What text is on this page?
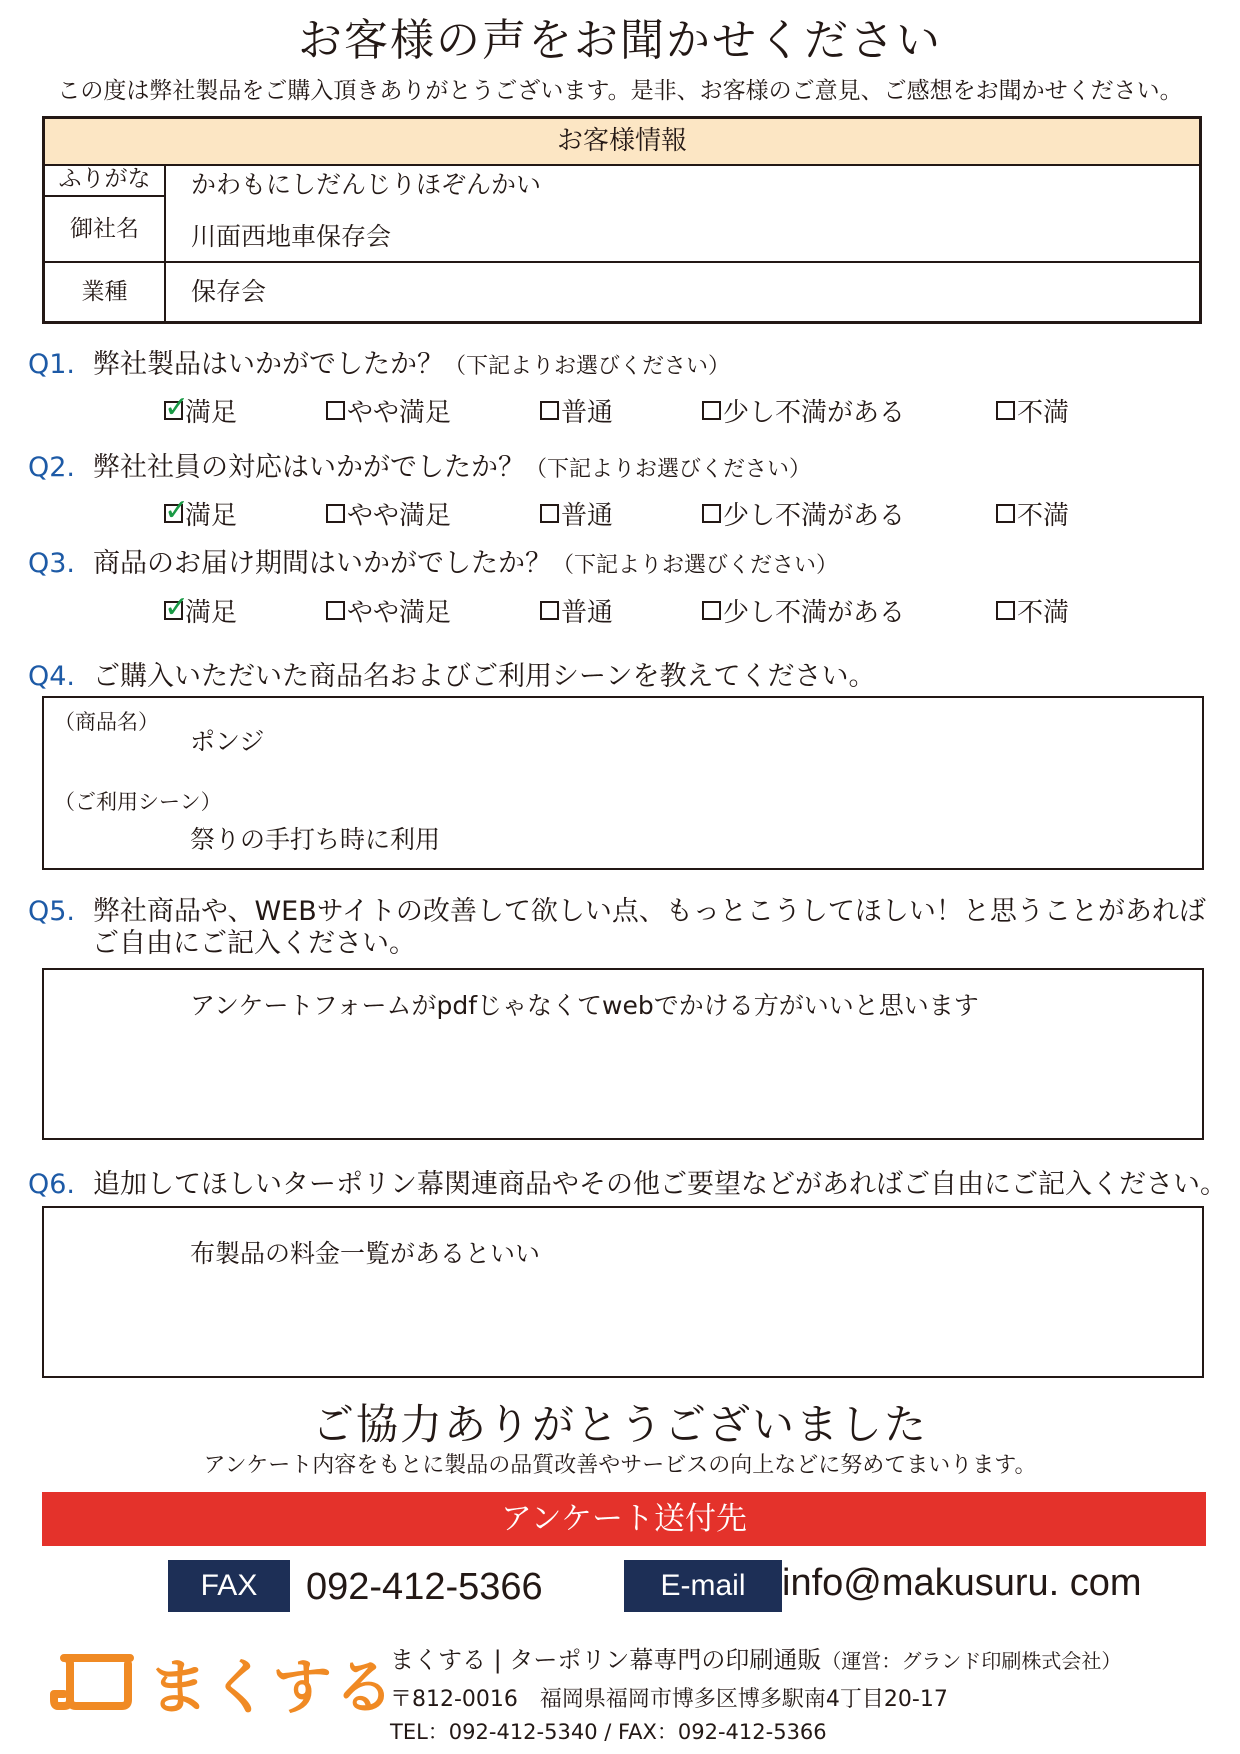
お客様の声をお聞かせください
この度は弊社製品をご購入頂きありがとうございます。是非、お客様のご意見、ご感想をお聞かせください。
お客様情報
ふりがな	かわもにしだんじりほぞんかい
御社名	川面西地車保存会
業種	保存会
Q1. 弊社製品はいかがでしたか？（下記よりお選びください）
✓
満足	やや満足	普通	少し不満がある	不満
Q2. 弊社社員の対応はいかがでしたか？（下記よりお選びください）
✓
満足	やや満足	普通	少し不満がある	不満
Q3. 商品のお届け期間はいかがでしたか？（下記よりお選びください）
✓
満足	やや満足	普通	少し不満がある	不満
Q4. ご購入いただいた商品名およびご利用シーンを教えてください。
（商品名）
ポンジ
（ご利用シーン）
祭りの手打ち時に利用
Q5. 弊社商品や、WEBサイトの改善して欲しい点、もっとこうしてほしい！と思うことがあれば
ご自由にご記入ください。
アンケートフォームがpdfじゃなくてwebでかける方がいいと思います
Q6. 追加してほしいターポリン幕関連商品やその他ご要望などがあればご自由にご記入ください。
布製品の料金一覧があるといい
ご協力ありがとうございました
アンケート内容をもとに製品の品質改善やサービスの向上などに努めてまいります。
アンケート送付先
FAX	092-412-5366	E-mail info@makusuru. com
まくする
まくする | ターポリン幕専門の印刷通販（運営：グランド印刷株式会社）
〒812-0016　福岡県福岡市博多区博多駅南4丁目20-17
TEL：092-412-5340 / FAX：092-412-5366
